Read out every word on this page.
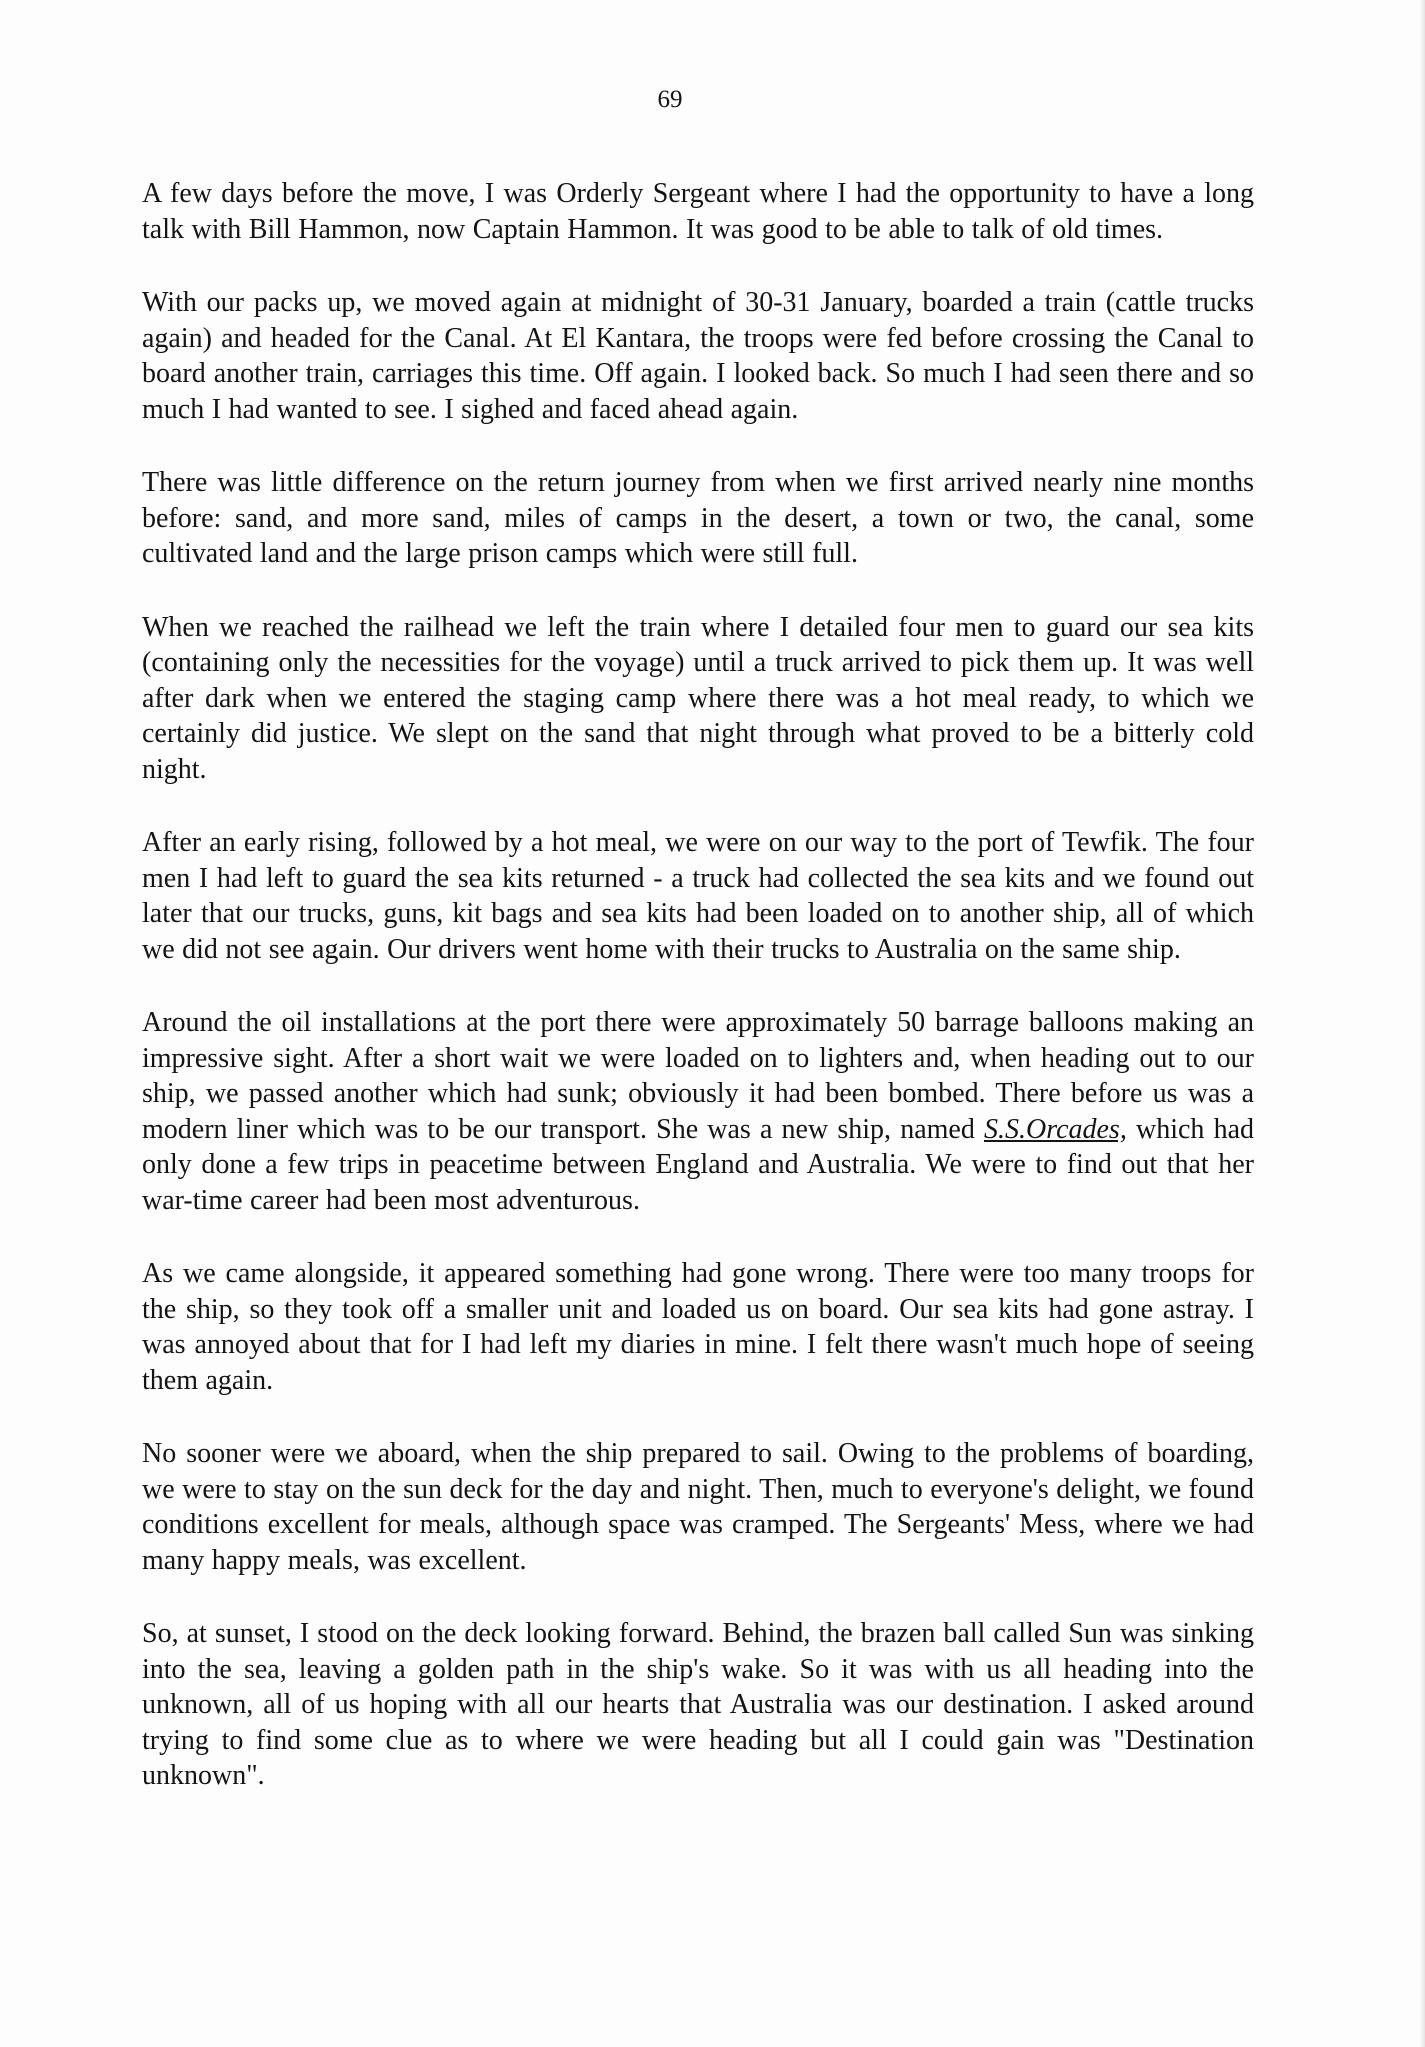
69

A few days before the move, I was Orderly Sergeant where I had the opportunity to have a long talk with Bill Hammon, now Captain Hammon. It was good to be able to talk of old times.

With our packs up, we moved again at midnight of 30-31 January, boarded a train (cattle trucks again) and headed for the Canal. At El Kantara, the troops were fed before crossing the Canal to board another train, carriages this time. Off again. I looked back. So much I had seen there and so much I had wanted to see. I sighed and faced ahead again.

There was little difference on the return journey from when we first arrived nearly nine months before: sand, and more sand, miles of camps in the desert, a town or two, the canal, some cultivated land and the large prison camps which were still full.

When we reached the railhead we left the train where I detailed four men to guard our sea kits (containing only the necessities for the voyage) until a truck arrived to pick them up. It was well after dark when we entered the staging camp where there was a hot meal ready, to which we certainly did justice. We slept on the sand that night through what proved to be a bitterly cold night.

After an early rising, followed by a hot meal, we were on our way to the port of Tewfik. The four men I had left to guard the sea kits returned - a truck had collected the sea kits and we found out later that our trucks, guns, kit bags and sea kits had been loaded on to another ship, all of which we did not see again. Our drivers went home with their trucks to Australia on the same ship.

Around the oil installations at the port there were approximately 50 barrage balloons making an impressive sight. After a short wait we were loaded on to lighters and, when heading out to our ship, we passed another which had sunk; obviously it had been bombed. There before us was a modern liner which was to be our transport. She was a new ship, named S.S.Orcades, which had only done a few trips in peacetime between England and Australia. We were to find out that her war-time career had been most adventurous.

As we came alongside, it appeared something had gone wrong. There were too many troops for the ship, so they took off a smaller unit and loaded us on board. Our sea kits had gone astray. I was annoyed about that for I had left my diaries in mine. I felt there wasn't much hope of seeing them again.

No sooner were we aboard, when the ship prepared to sail. Owing to the problems of boarding, we were to stay on the sun deck for the day and night. Then, much to everyone's delight, we found conditions excellent for meals, although space was cramped. The Sergeants' Mess, where we had many happy meals, was excellent.

So, at sunset, I stood on the deck looking forward. Behind, the brazen ball called Sun was sinking into the sea, leaving a golden path in the ship's wake. So it was with us all heading into the unknown, all of us hoping with all our hearts that Australia was our destination. I asked around trying to find some clue as to where we were heading but all I could gain was "Destination unknown".
